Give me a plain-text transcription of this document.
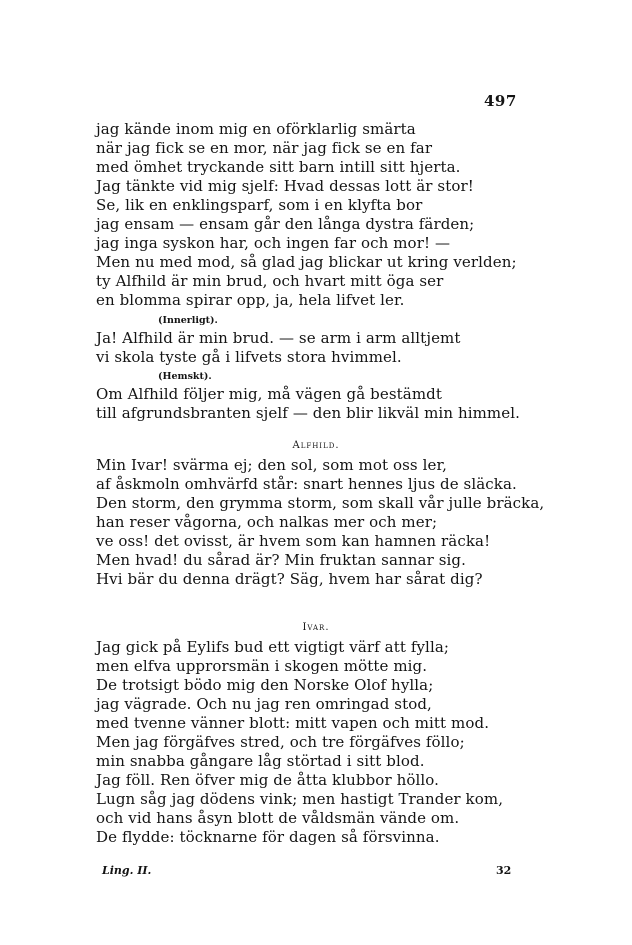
497
jag kände inom mig en oförklarlig smärta
när jag fick se en mor, när jag fick se en far
med ömhet tryckande sitt barn intill sitt hjerta.
Jag tänkte vid mig sjelf: Hvad dessas lott är stor!
Se, lik en enklingsparf, som i en klyfta bor
jag ensam — ensam går den långa dystra färden;
jag inga syskon har, och ingen far och mor! —
Men nu med mod, så glad jag blickar ut kring verlden;
ty Alfhild är min brud, och hvart mitt öga ser
en blomma spirar opp, ja, hela lifvet ler.
(Innerligt).
Ja! Alfhild är min brud. — se arm i arm alltjemt
vi skola tyste gå i lifvets stora hvimmel.
(Hemskt).
Om Alfhild följer mig, må vägen gå bestämdt
till afgrundsbranten sjelf — den blir likväl min himmel.
Alfhild.
Min Ivar! svärma ej; den sol, som mot oss ler,
af åskmoln omhvärfd står: snart hennes ljus de släcka.
Den storm, den grymma storm, som skall vår julle bräcka,
han reser vågorna, och nalkas mer och mer;
ve oss! det ovisst, är hvem som kan hamnen räcka!
Men hvad! du sårad är? Min fruktan sannar sig.
Hvi bär du denna drägt? Säg, hvem har sårat dig?
Ivar.
Jag gick på Eylifs bud ett vigtigt värf att fylla;
men elfva upprorsmän i skogen mötte mig.
De trotsigt bödo mig den Norske Olof hylla;
jag vägrade. Och nu jag ren omringad stod,
med tvenne vänner blott: mitt vapen och mitt mod.
Men jag förgäfves stred, och tre förgäfves föllo;
min snabba gångare låg störtad i sitt blod.
Jag föll. Ren öfver mig de åtta klubbor höllo.
Lugn såg jag dödens vink; men hastigt Trander kom,
och vid hans åsyn blott de våldsmän vände om.
De flydde: töcknarne för dagen så försvinna.
Ling. II.	32
